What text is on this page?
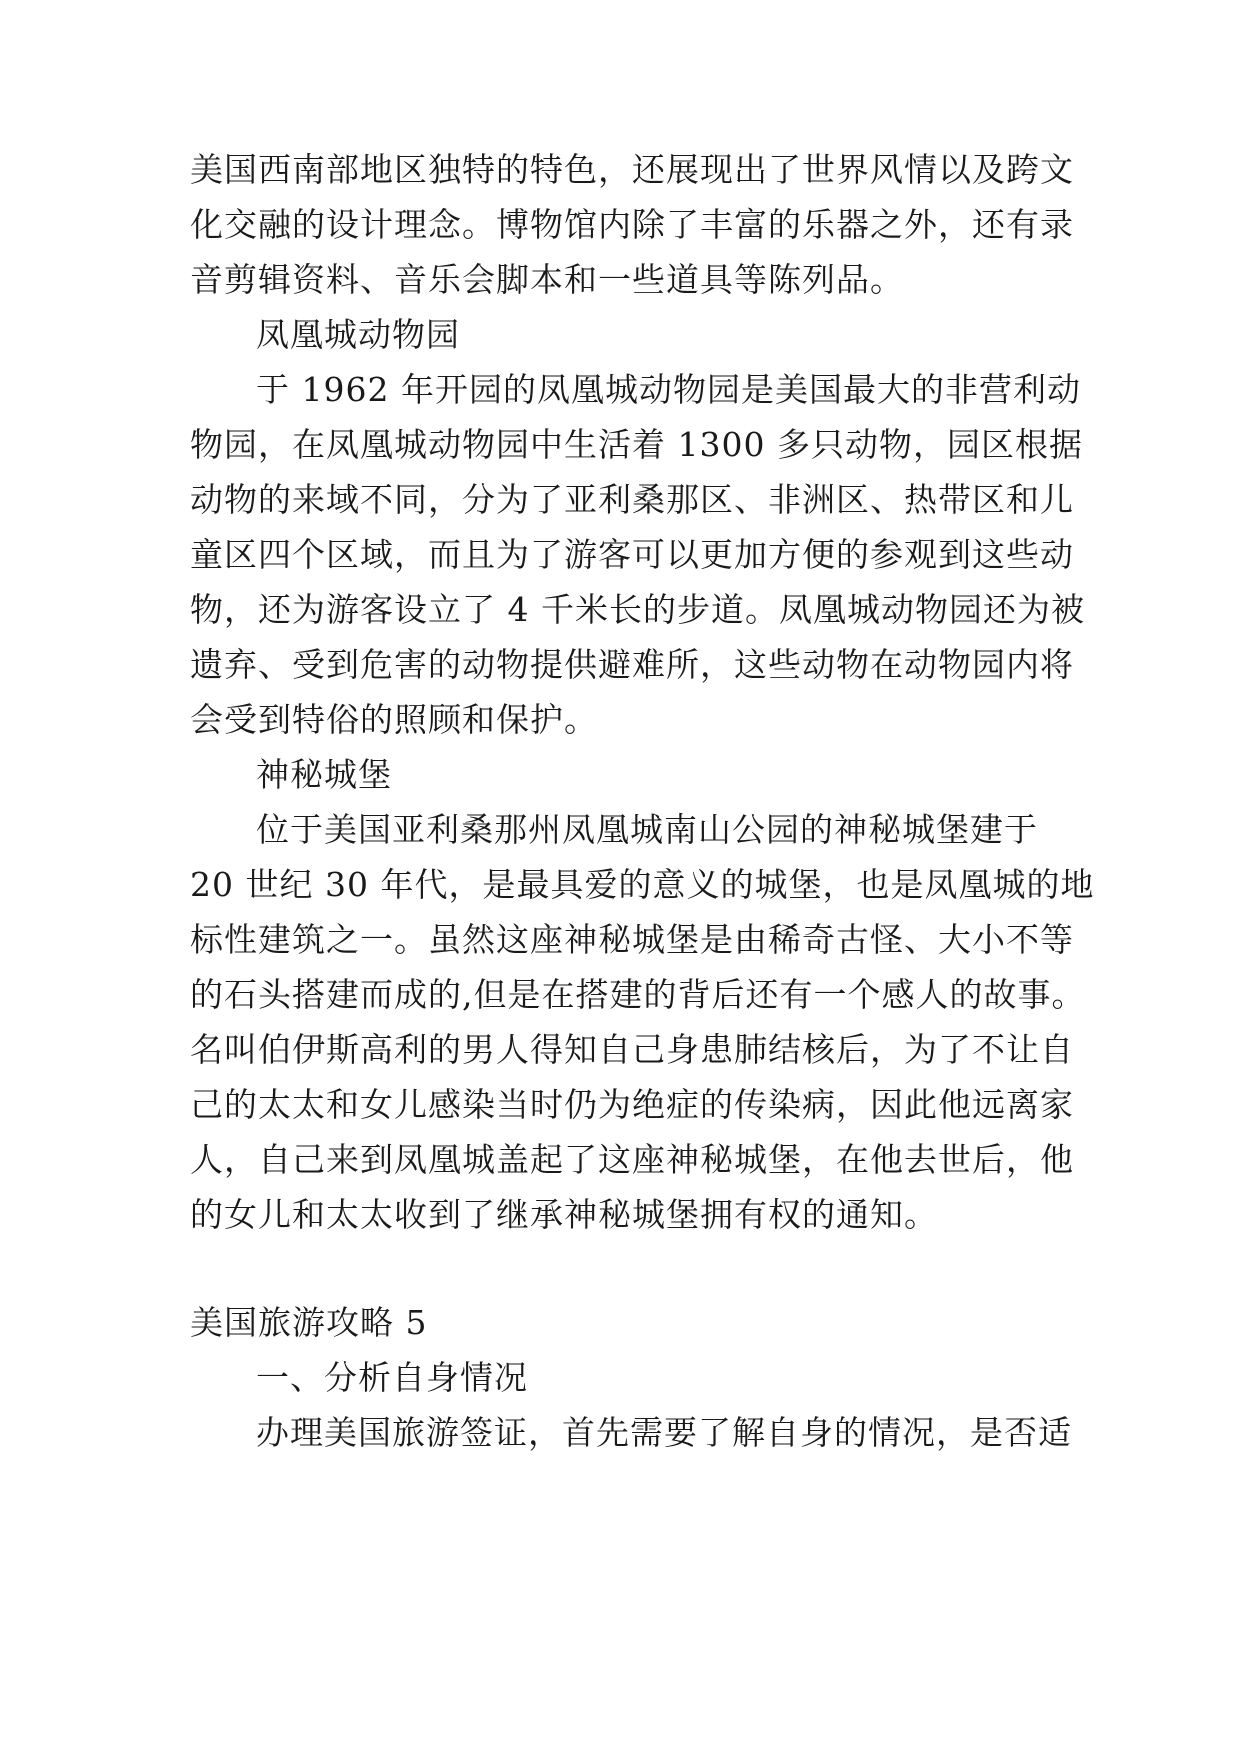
美国西南部地区独特的特色，还展现出了世界风情以及跨文
化交融的设计理念。博物馆内除了丰富的乐器之外，还有录
音剪辑资料、音乐会脚本和一些道具等陈列品。
凤凰城动物园
于 1962 年开园的凤凰城动物园是美国最大的非营利动
物园，在凤凰城动物园中生活着 1300 多只动物，园区根据
动物的来域不同，分为了亚利桑那区、非洲区、热带区和儿
童区四个区域，而且为了游客可以更加方便的参观到这些动
物，还为游客设立了 4 千米长的步道。凤凰城动物园还为被
遗弃、受到危害的动物提供避难所，这些动物在动物园内将
会受到特俗的照顾和保护。
神秘城堡
位于美国亚利桑那州凤凰城南山公园的神秘城堡建于
20 世纪 30 年代，是最具爱的意义的城堡，也是凤凰城的地
标性建筑之一。虽然这座神秘城堡是由稀奇古怪、大小不等
的石头搭建而成的,但是在搭建的背后还有一个感人的故事。
名叫伯伊斯高利的男人得知自己身患肺结核后，为了不让自
己的太太和女儿感染当时仍为绝症的传染病，因此他远离家
人，自己来到凤凰城盖起了这座神秘城堡，在他去世后，他
的女儿和太太收到了继承神秘城堡拥有权的通知。
美国旅游攻略 5
一、分析自身情况
办理美国旅游签证，首先需要了解自身的情况，是否适
